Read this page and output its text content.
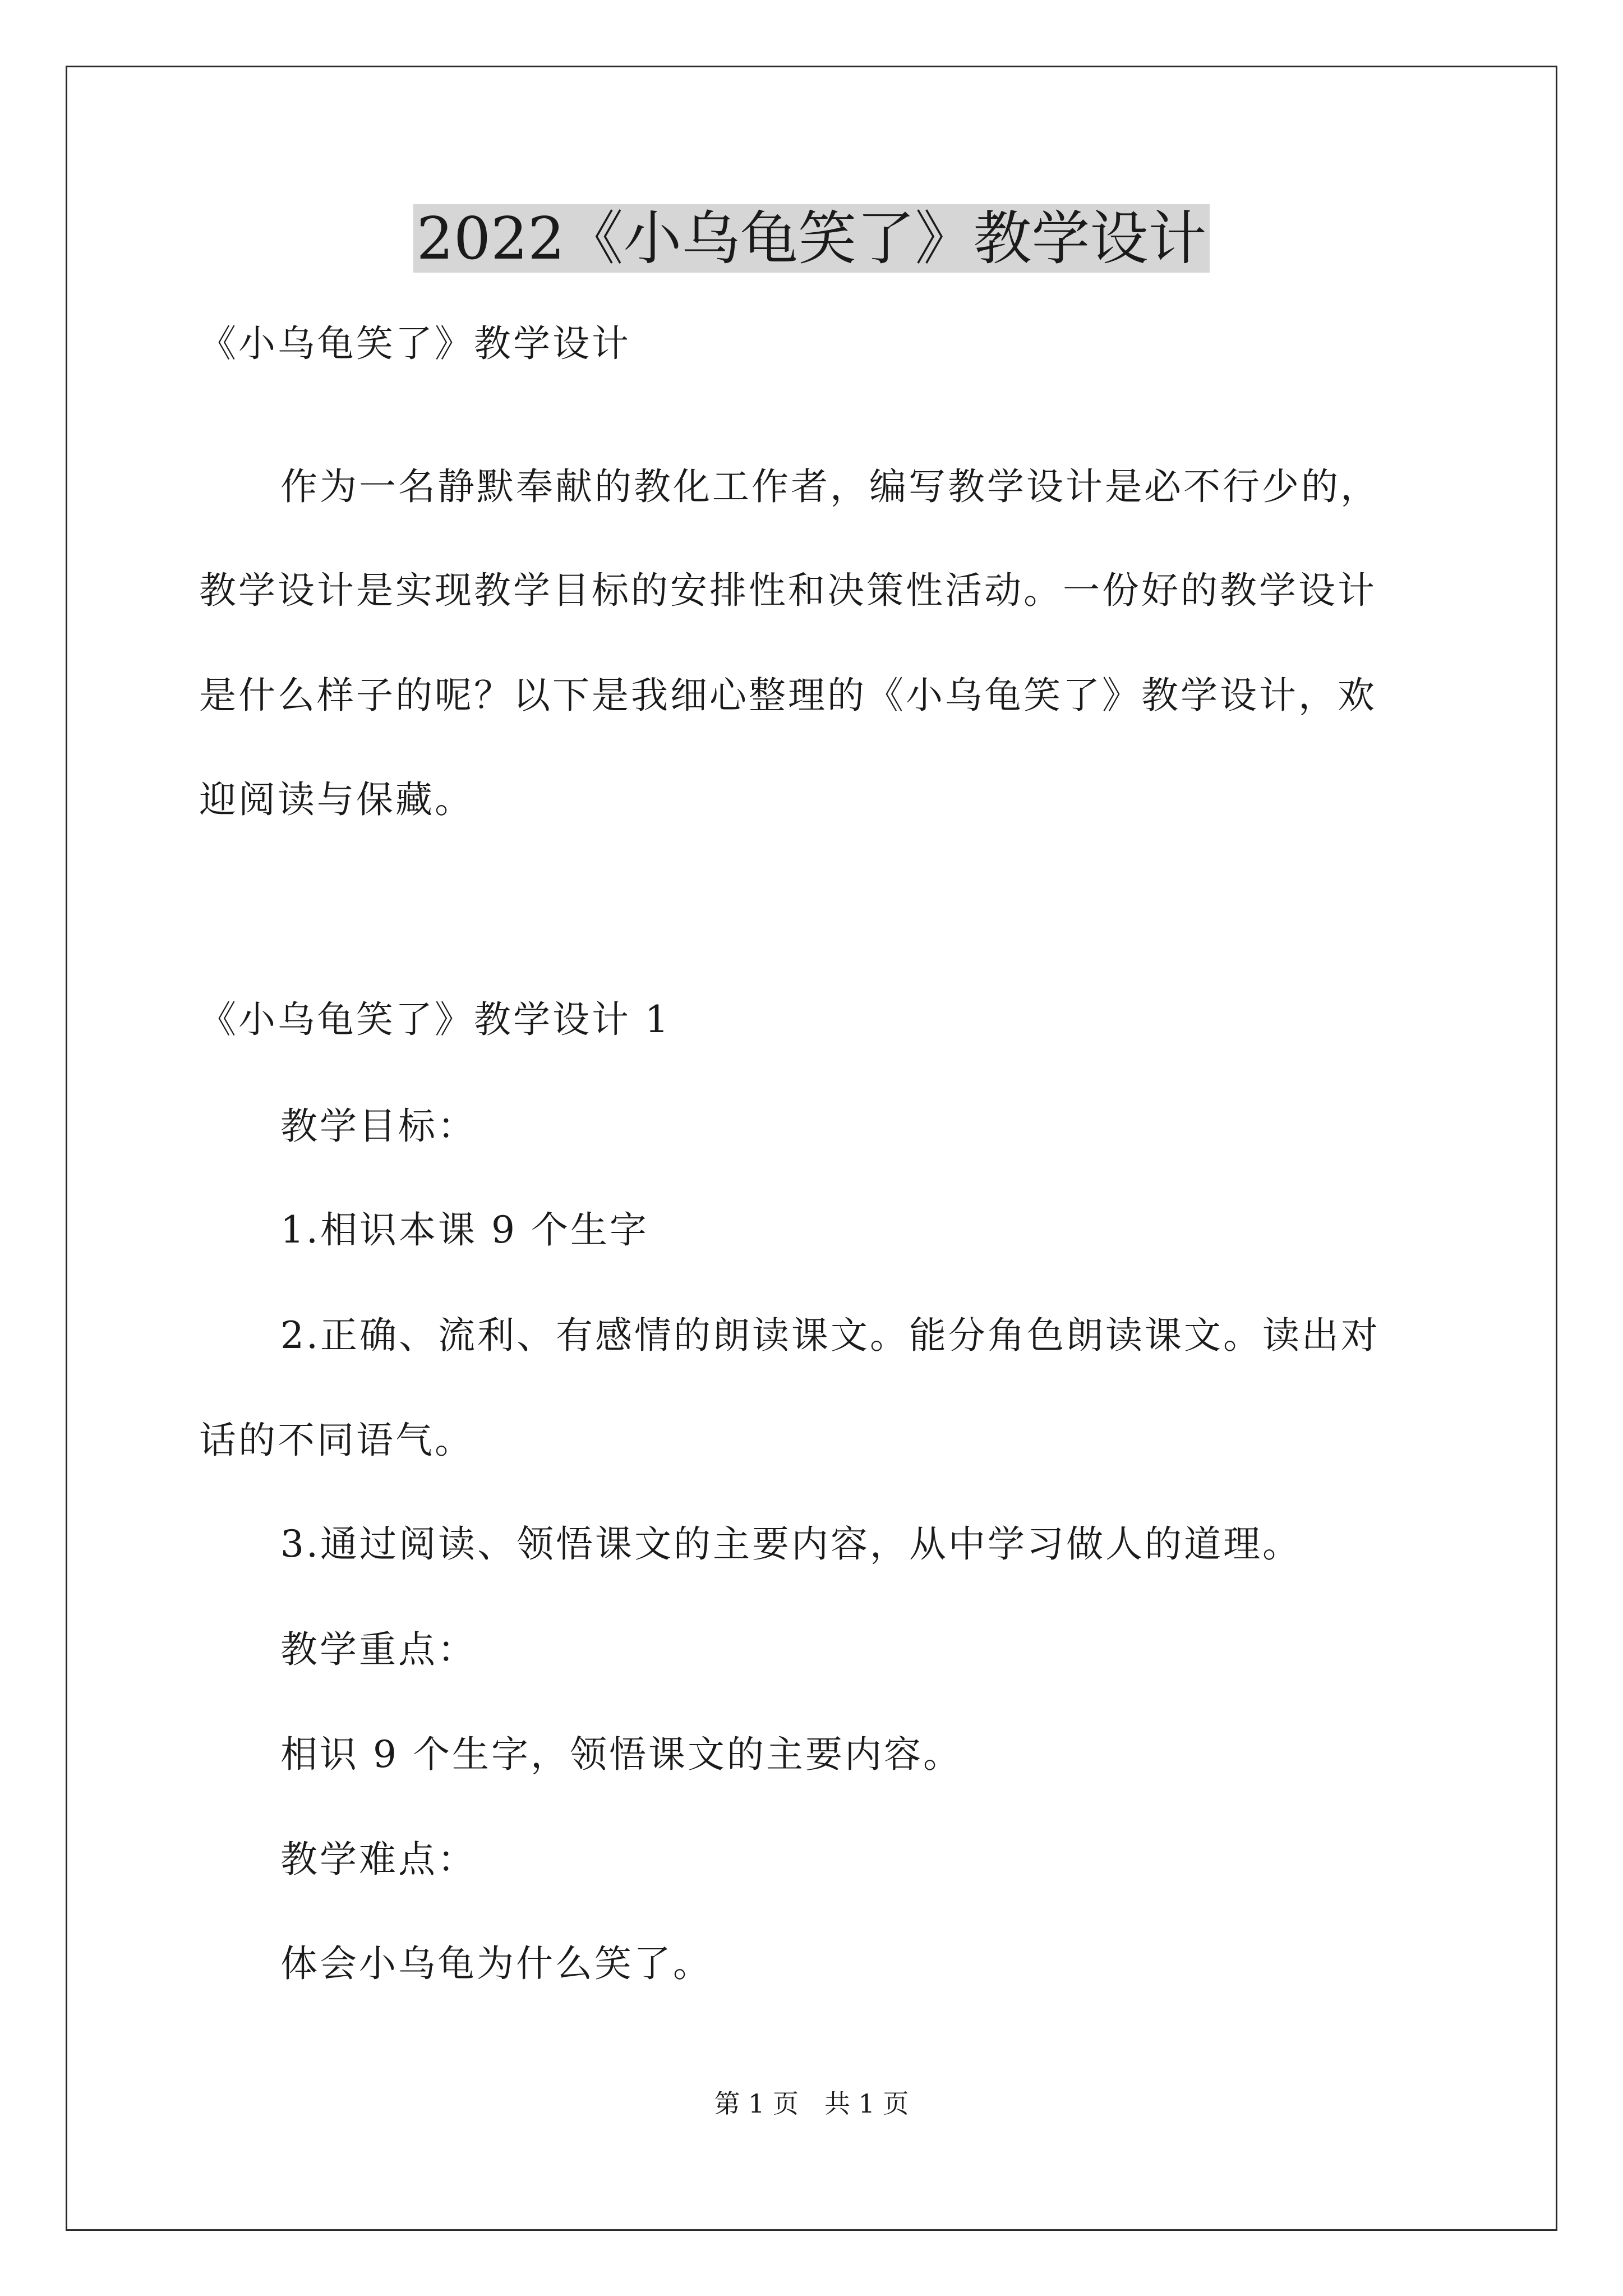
2022《小乌龟笑了》教学设计

《小乌龟笑了》教学设计

作为一名静默奉献的教化工作者，编写教学设计是必不行少的，

教学设计是实现教学目标的安排性和决策性活动。一份好的教学设计

是什么样子的呢？以下是我细心整理的《小乌龟笑了》教学设计，欢

迎阅读与保藏。

《小乌龟笑了》教学设计 1

教学目标：

1.相识本课 9 个生字

2.正确、流利、有感情的朗读课文。能分角色朗读课文。读出对

话的不同语气。

3.通过阅读、领悟课文的主要内容，从中学习做人的道理。

教学重点：

相识 9 个生字，领悟课文的主要内容。

教学难点：

体会小乌龟为什么笑了。

第 1 页　共 1 页
